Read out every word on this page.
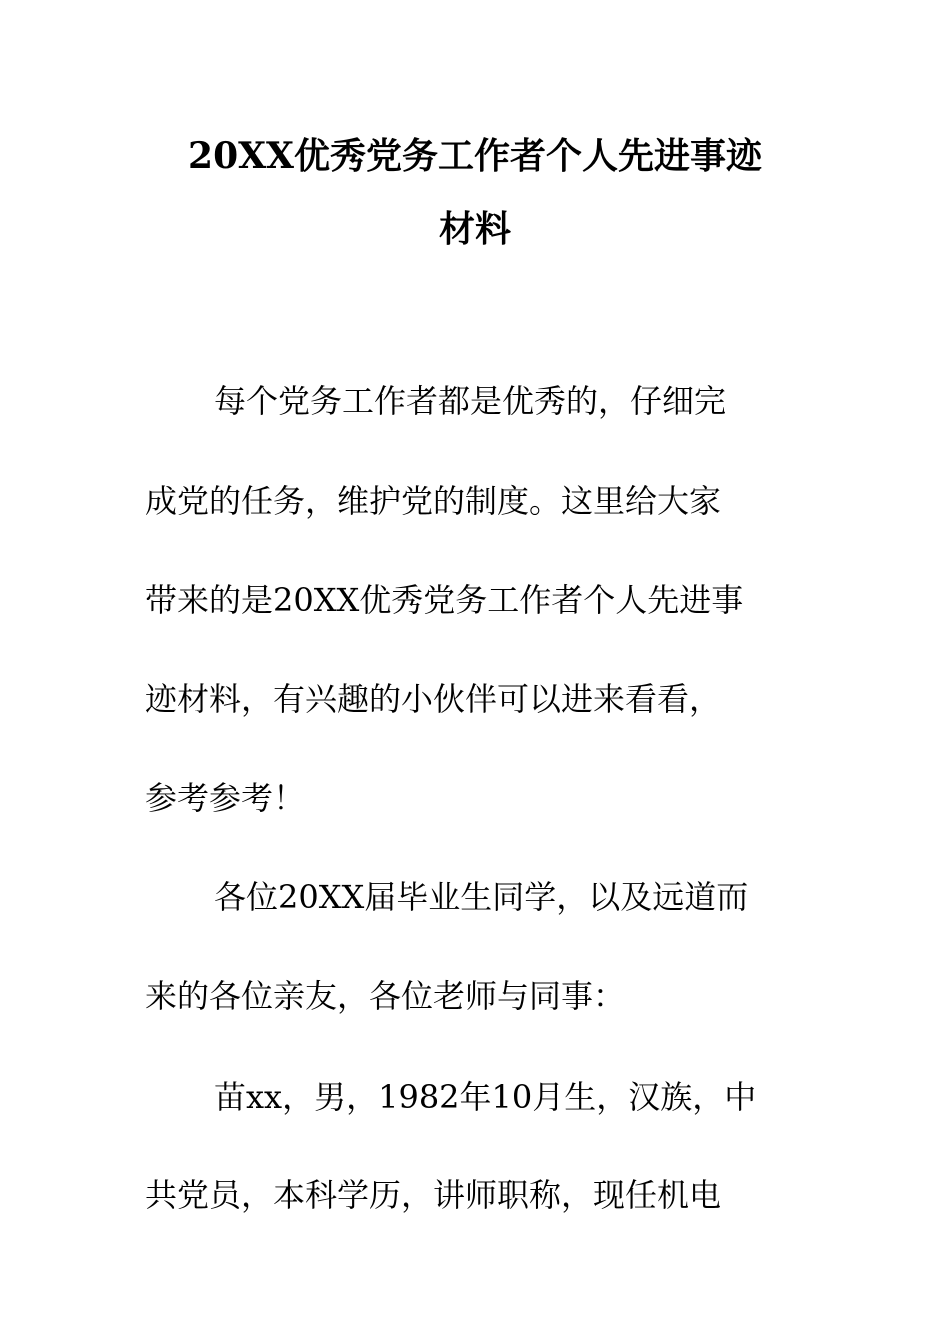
20XX优秀党务工作者个人先进事迹
材料
每个党务工作者都是优秀的，仔细完
成党的任务，维护党的制度。这里给大家
带来的是20XX优秀党务工作者个人先进事
迹材料，有兴趣的小伙伴可以进来看看，
参考参考！
各位20XX届毕业生同学，以及远道而
来的各位亲友，各位老师与同事：
苗xx，男，1982年10月生，汉族，中
共党员，本科学历，讲师职称，现任机电
